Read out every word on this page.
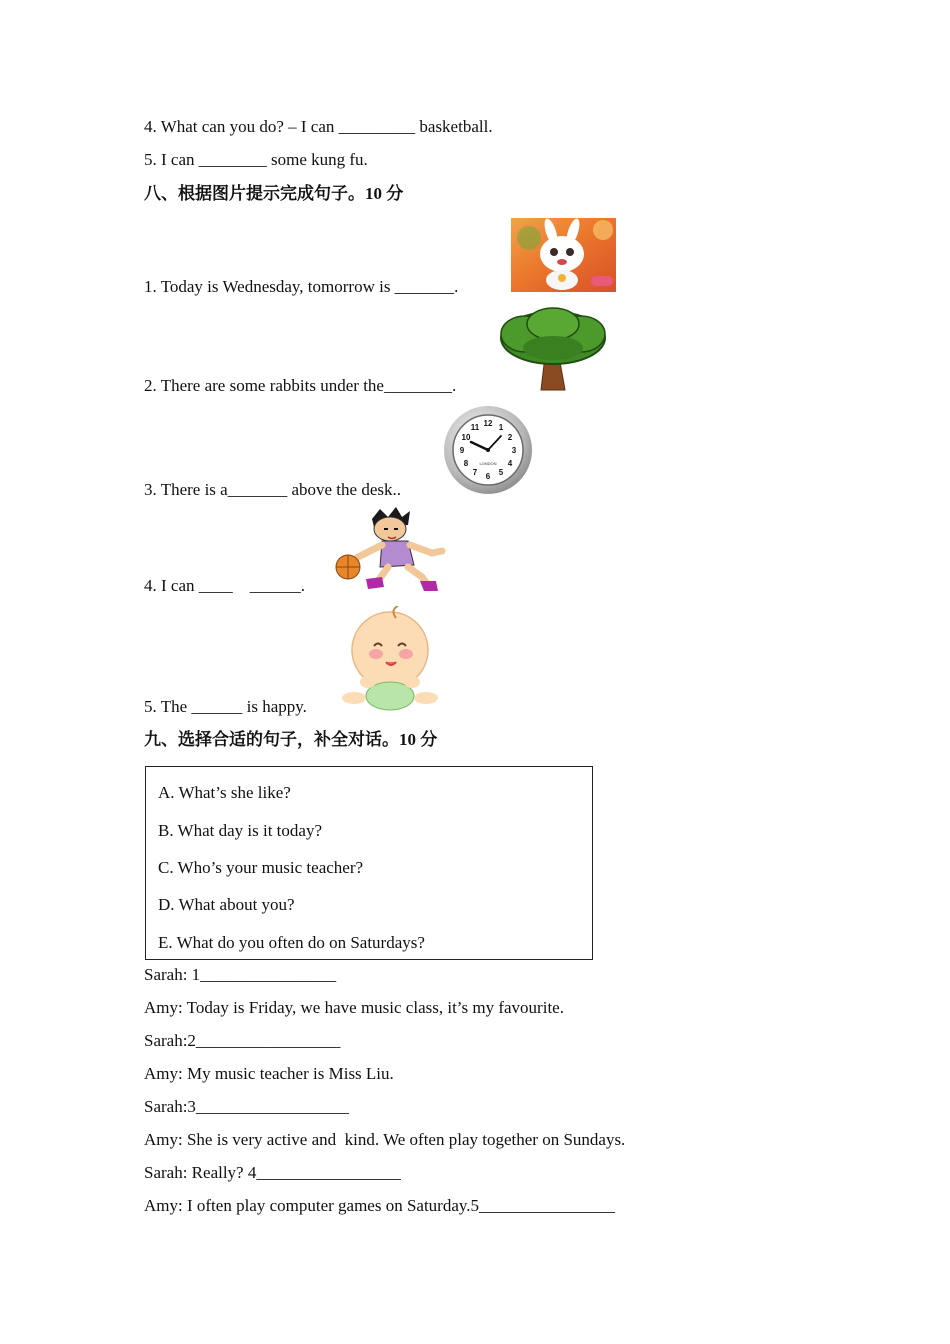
4. What can you do? – I can _________ basketball.
5. I can ________ some kung fu.
八、根据图片提示完成句子。10 分
1. Today is Wednesday, tomorrow is _______.
2. There are some rabbits under the________.
3. There is a_______ above the desk..
12 1
2
3
4
5
6
7
8
9
10
11
LONDON
4. I can ____    ______.
5. The ______ is happy.
九、选择合适的句子，补全对话。10 分
A. What’s she like?
B. What day is it today?
C. Who’s your music teacher?
D. What about you?
E. What do you often do on Saturdays?
Sarah: 1________________
Amy: Today is Friday, we have music class, it’s my favourite.
Sarah:2_________________
Amy: My music teacher is Miss Liu.
Sarah:3__________________
Amy: She is very active and  kind. We often play together on Sundays.
Sarah: Really? 4_________________
Amy: I often play computer games on Saturday.5________________
